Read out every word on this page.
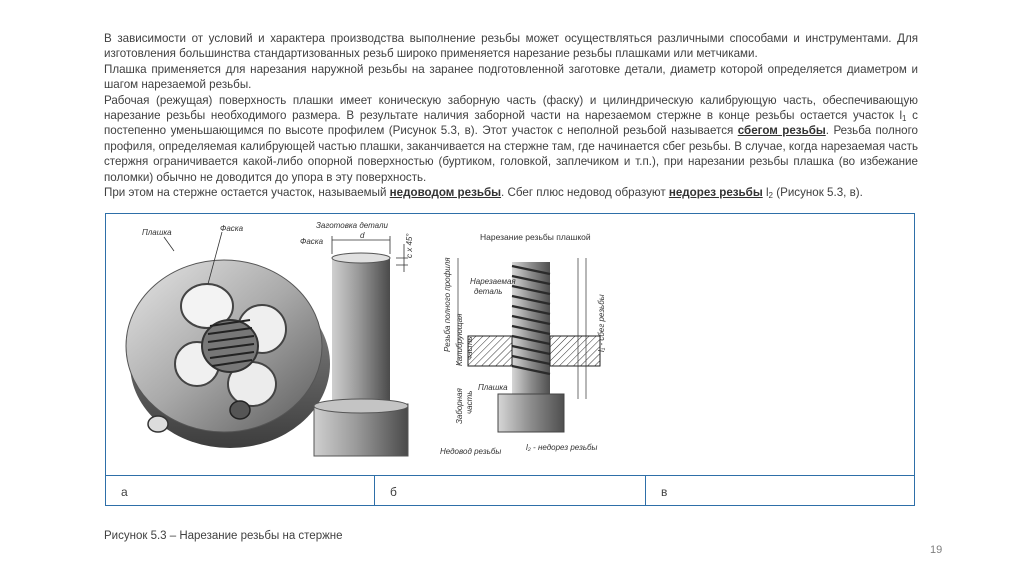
В зависимости от условий и характера производства выполнение резьбы может осуществляться различными способами и инструментами. Для изготовления большинства стандартизованных резьб широко применяется нарезание резьбы плашками или метчиками.

Плашка применяется для нарезания наружной резьбы на заранее подготовленной заготовке детали, диаметр которой определяется диаметром и шагом нарезаемой резьбы.

Рабочая (режущая) поверхность плашки имеет коническую заборную часть (фаску) и цилиндрическую калибрующую часть, обеспечивающую нарезание резьбы необходимого размера. В результате наличия заборной части на нарезаемом стержне в конце резьбы остается участок $l_1$ с постепенно уменьшающимся по высоте профилем (Рисунок 5.3, в). Этот участок с неполной резьбой называется сбегом резьбы. Резьба полного профиля, определяемая калибрующей частью плашки, заканчивается на стержне там, где начинается сбег резьбы. В случае, когда нарезаемая часть стержня ограничивается какой-либо опорной поверхностью (буртиком, головкой, заплечиком и т.п.), при нарезании резьбы плашка (во избежание поломки) обычно не доводится до упора в эту поверхность.

При этом на стержне остается участок, называемый недоводом резьбы. Сбег плюс недовод образуют недорез резьбы $l_2$ (Рисунок 5.3, в).

Плашка	Фаска	Заготовка детали
Фаска
d	c x 45°	Нарезание резьбы плашкой
Нарезаемая
деталь
Резьба полного профиля Калибрующая часть
Заборная часть
Плашка
l₁ - сбег резьбы
l₂ - недорез резьбы
Недовод резьбы
а	б	в
Рисунок 5.3 – Нарезание резьбы на стержне
19
